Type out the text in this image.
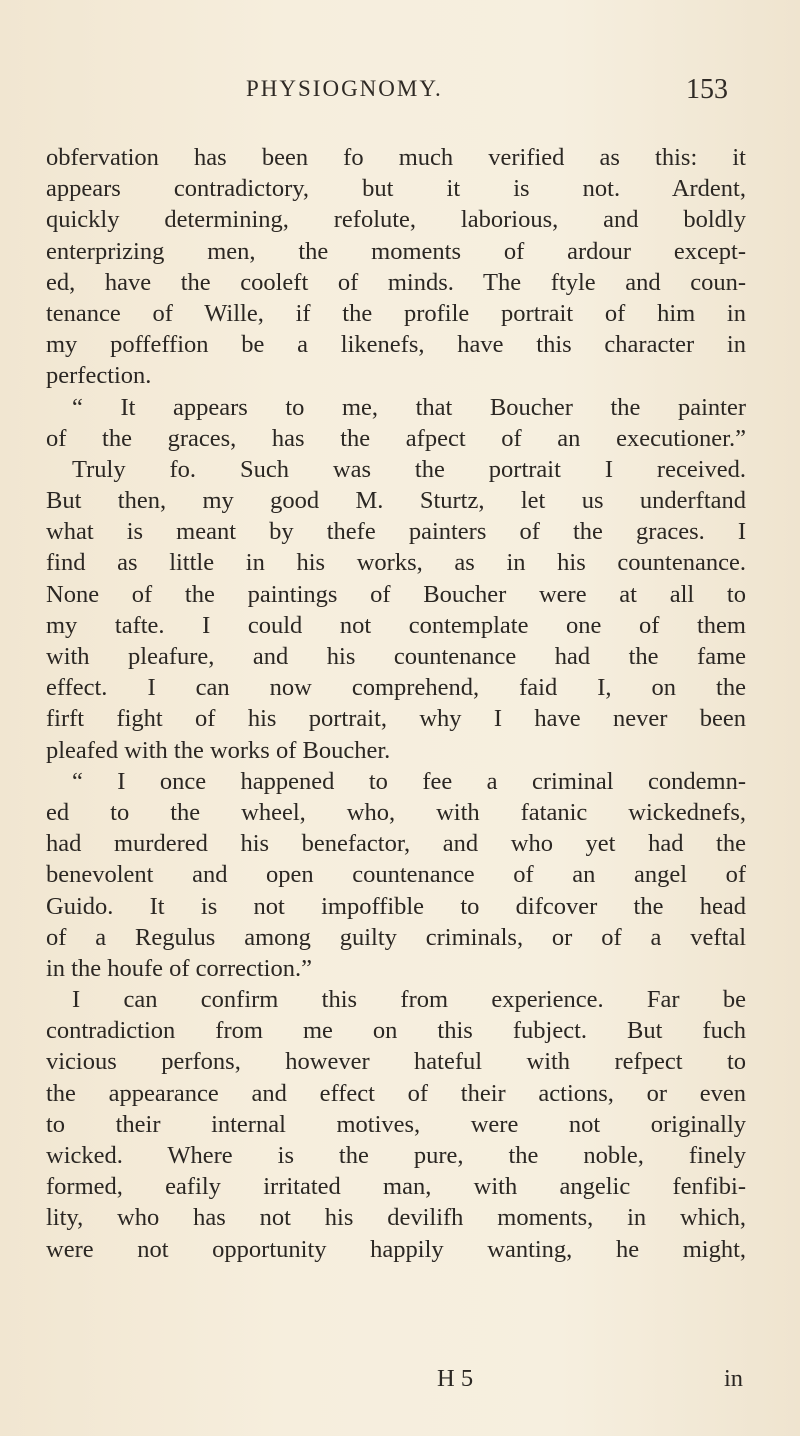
PHYSIOGNOMY.	153
obfervation has been fo much verified as this: it
appears contradictory, but it is not. Ardent,
quickly determining, refolute, laborious, and boldly
enterprizing men, the moments of ardour except-
ed, have the cooleft of minds. The ftyle and coun-
tenance of Wille, if the profile portrait of him in
my poffeffion be a likenefs, have this character in
perfection.
“ It appears to me, that Boucher the painter
of the graces, has the afpect of an executioner.”
Truly fo. Such was the portrait I received.
But then, my good M. Sturtz, let us underftand
what is meant by thefe painters of the graces. I
find as little in his works, as in his countenance.
None of the paintings of Boucher were at all to
my tafte. I could not contemplate one of them
with pleafure, and his countenance had the fame
effect. I can now comprehend, faid I, on the
firft fight of his portrait, why I have never been
pleafed with the works of Boucher.
“ I once happened to fee a criminal condemn-
ed to the wheel, who, with fatanic wickednefs,
had murdered his benefactor, and who yet had the
benevolent and open countenance of an angel of
Guido. It is not impoffible to difcover the head
of a Regulus among guilty criminals, or of a veftal
in the houfe of correction.”
I can confirm this from experience. Far be
contradiction from me on this fubject. But fuch
vicious perfons, however hateful with refpect to
the appearance and effect of their actions, or even
to their internal motives, were not originally
wicked. Where is the pure, the noble, finely
formed, eafily irritated man, with angelic fenfibi-
lity, who has not his devilifh moments, in which,
were not opportunity happily wanting, he might,
H 5	in
